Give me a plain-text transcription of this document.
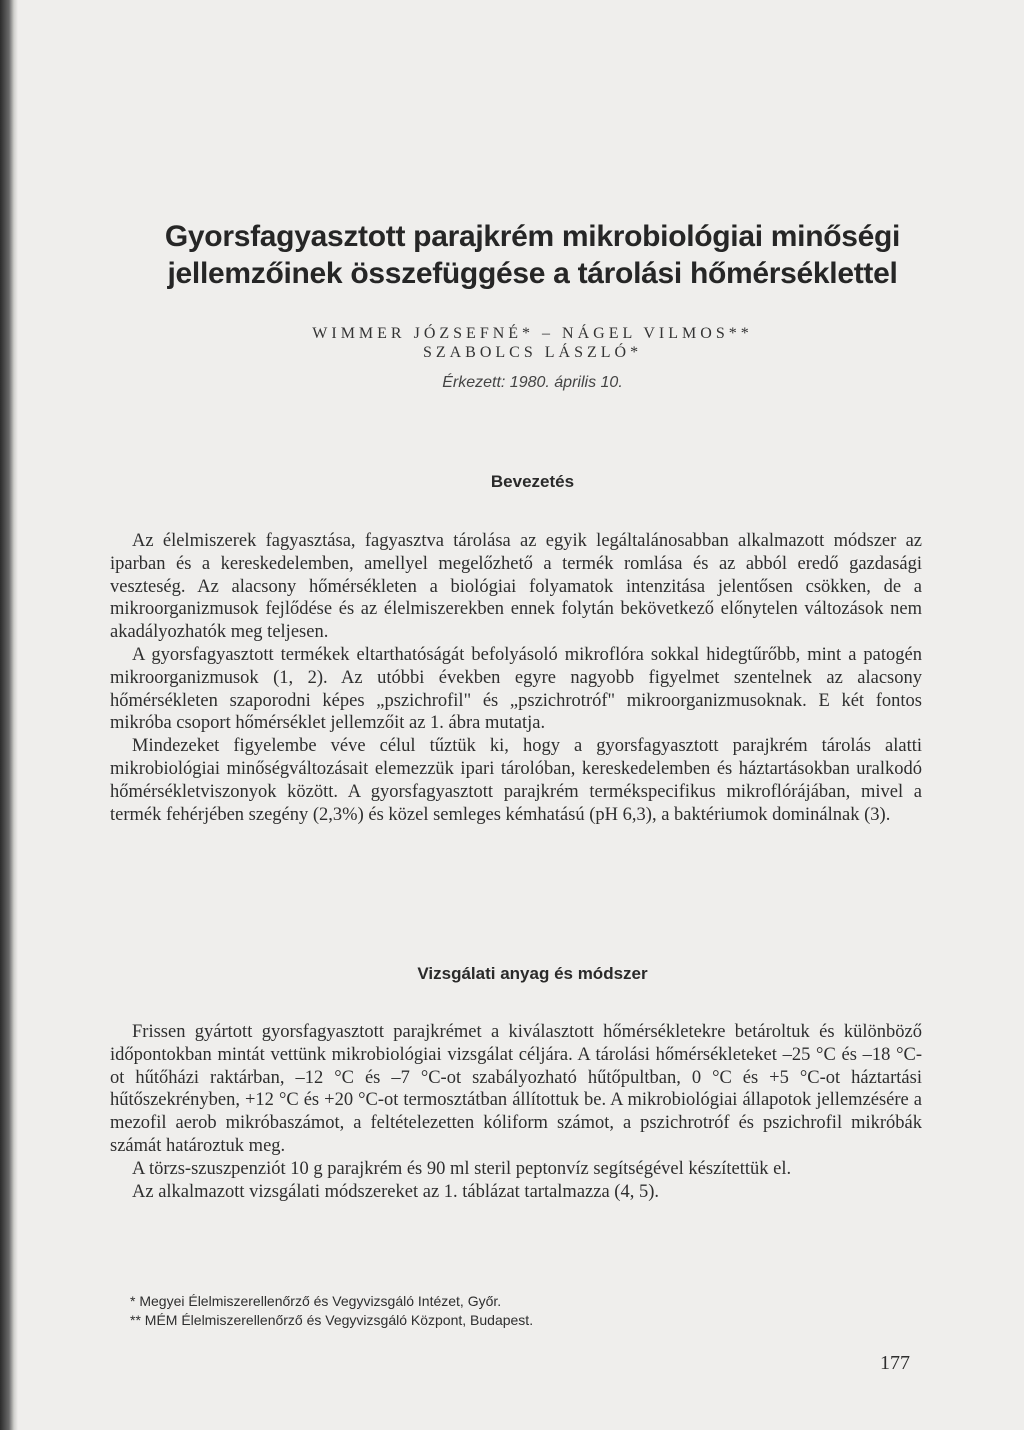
Gyorsfagyasztott parajkrém mikrobiológiai minőségi
jellemzőinek összefüggése a tárolási hőmérséklettel
WIMMER JÓZSEFNÉ* – NÁGEL VILMOS**
SZABOLCS LÁSZLÓ*
Érkezett: 1980. április 10.
Bevezetés

Az élelmiszerek fagyasztása, fagyasztva tárolása az egyik legáltalánosabban alkalmazott módszer az iparban és a kereskedelemben, amellyel megelőzhető a termék romlása és az abból eredő gazdasági veszteség. Az alacsony hőmérsékleten a biológiai folyamatok intenzitása jelentősen csökken, de a mikroorganizmusok fejlődése és az élelmiszerekben ennek folytán bekövetkező előnytelen változások nem akadályozhatók meg teljesen.

A gyorsfagyasztott termékek eltarthatóságát befolyásoló mikroflóra sokkal hidegtűrőbb, mint a patogén mikroorganizmusok (1, 2). Az utóbbi években egyre nagyobb figyelmet szentelnek az alacsony hőmérsékleten szaporodni képes „pszichrofil" és „pszichrotróf" mikroorganizmusoknak. E két fontos mikróba csoport hőmérséklet jellemzőit az 1. ábra mutatja.

Mindezeket figyelembe véve célul tűztük ki, hogy a gyorsfagyasztott parajkrém tárolás alatti mikrobiológiai minőségváltozásait elemezzük ipari tárolóban, kereskedelemben és háztartásokban uralkodó hőmérsékletviszonyok között. A gyorsfagyasztott parajkrém termékspecifikus mikroflórájában, mivel a termék fehérjében szegény (2,3%) és közel semleges kémhatású (pH 6,3), a baktériumok dominálnak (3).

Vizsgálati anyag és módszer

Frissen gyártott gyorsfagyasztott parajkrémet a kiválasztott hőmérsékletekre betároltuk és különböző időpontokban mintát vettünk mikrobiológiai vizsgálat céljára. A tárolási hőmérsékleteket –25 °C és –18 °C-ot hűtőházi raktárban, –12 °C és –7 °C-ot szabályozható hűtőpultban, 0 °C és +5 °C-ot háztartási hűtőszekrényben, +12 °C és +20 °C-ot termosztátban állítottuk be. A mikrobiológiai állapotok jellemzésére a mezofil aerob mikróbaszámot, a feltételezetten kóliform számot, a pszichrotróf és pszichrofil mikróbák számát határoztuk meg.

A törzs-szuszpenziót 10 g parajkrém és 90 ml steril peptonvíz segítségével készítettük el.

Az alkalmazott vizsgálati módszereket az 1. táblázat tartalmazza (4, 5).

* Megyei Élelmiszerellenőrző és Vegyvizsgáló Intézet, Győr.
** MÉM Élelmiszerellenőrző és Vegyvizsgáló Központ, Budapest.
177
